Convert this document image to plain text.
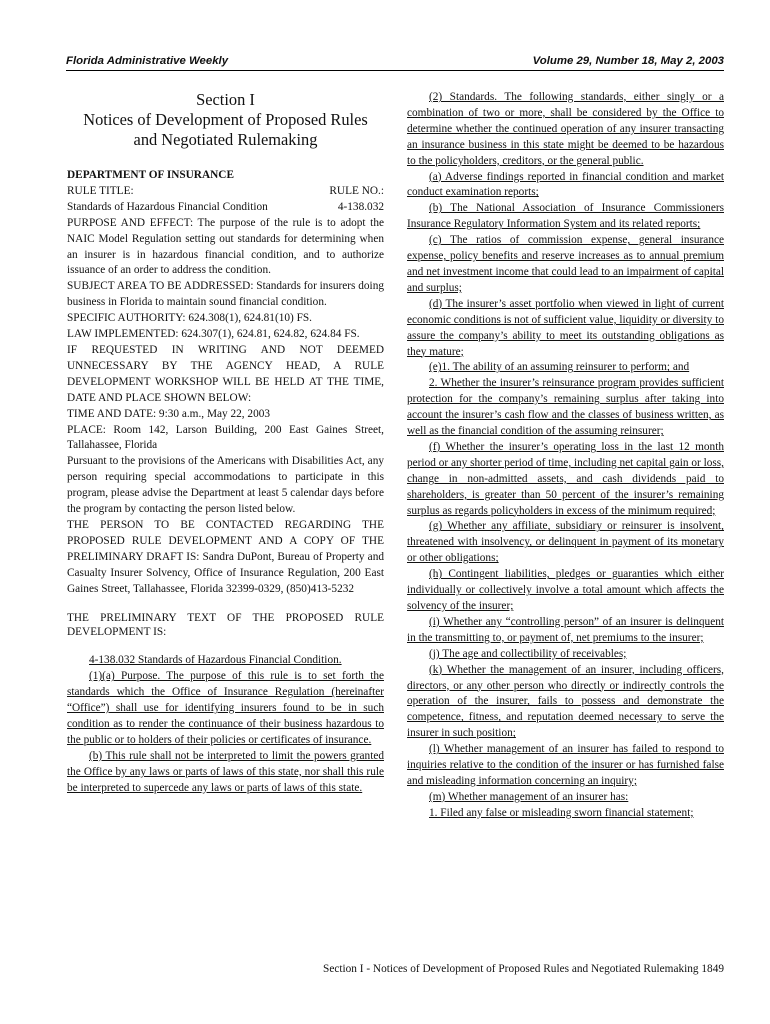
Florida Administrative Weekly	Volume 29, Number 18, May 2, 2003
Section I
Notices of Development of Proposed Rules
and Negotiated Rulemaking

DEPARTMENT OF INSURANCE

RULE TITLE:	RULE NO.:
Standards of Hazardous Financial Condition	4-138.032

PURPOSE AND EFFECT: The purpose of the rule is to adopt the NAIC Model Regulation setting out standards for determining when an insurer is in hazardous financial condition, and to authorize issuance of an order to address the condition.

SUBJECT AREA TO BE ADDRESSED: Standards for insurers doing business in Florida to maintain sound financial condition.

SPECIFIC AUTHORITY: 624.308(1), 624.81(10) FS.

LAW IMPLEMENTED: 624.307(1), 624.81, 624.82, 624.84 FS.

IF REQUESTED IN WRITING AND NOT DEEMED UNNECESSARY BY THE AGENCY HEAD, A RULE DEVELOPMENT WORKSHOP WILL BE HELD AT THE TIME, DATE AND PLACE SHOWN BELOW:

TIME AND DATE: 9:30 a.m., May 22, 2003

PLACE: Room 142, Larson Building, 200 East Gaines Street, Tallahassee, Florida

Pursuant to the provisions of the Americans with Disabilities Act, any person requiring special accommodations to participate in this program, please advise the Department at least 5 calendar days before the program by contacting the person listed below.

THE PERSON TO BE CONTACTED REGARDING THE PROPOSED RULE DEVELOPMENT AND A COPY OF THE PRELIMINARY DRAFT IS: Sandra DuPont, Bureau of Property and Casualty Insurer Solvency, Office of Insurance Regulation, 200 East Gaines Street, Tallahassee, Florida 32399-0329, (850)413-5232

THE PRELIMINARY TEXT OF THE PROPOSED RULE DEVELOPMENT IS:

4-138.032 Standards of Hazardous Financial Condition.

(1)(a) Purpose. The purpose of this rule is to set forth the standards which the Office of Insurance Regulation (hereinafter “Office”) shall use for identifying insurers found to be in such condition as to render the continuance of their business hazardous to the public or to holders of their policies or certificates of insurance.

(b) This rule shall not be interpreted to limit the powers granted the Office by any laws or parts of laws of this state, nor shall this rule be interpreted to supercede any laws or parts of laws of this state.

(2) Standards. The following standards, either singly or a combination of two or more, shall be considered by the Office to determine whether the continued operation of any insurer transacting an insurance business in this state might be deemed to be hazardous to the policyholders, creditors, or the general public.

(a) Adverse findings reported in financial condition and market conduct examination reports;

(b) The National Association of Insurance Commissioners Insurance Regulatory Information System and its related reports;

(c) The ratios of commission expense, general insurance expense, policy benefits and reserve increases as to annual premium and net investment income that could lead to an impairment of capital and surplus;

(d) The insurer’s asset portfolio when viewed in light of current economic conditions is not of sufficient value, liquidity or diversity to assure the company’s ability to meet its outstanding obligations as they mature;

(e)1. The ability of an assuming reinsurer to perform; and

2. Whether the insurer’s reinsurance program provides sufficient protection for the company’s remaining surplus after taking into account the insurer’s cash flow and the classes of business written, as well as the financial condition of the assuming reinsurer;

(f) Whether the insurer’s operating loss in the last 12 month period or any shorter period of time, including net capital gain or loss, change in non-admitted assets, and cash dividends paid to shareholders, is greater than 50 percent of the insurer’s remaining surplus as regards policyholders in excess of the minimum required;

(g) Whether any affiliate, subsidiary or reinsurer is insolvent, threatened with insolvency, or delinquent in payment of its monetary or other obligations;

(h) Contingent liabilities, pledges or guaranties which either individually or collectively involve a total amount which affects the solvency of the insurer;

(i) Whether any “controlling person” of an insurer is delinquent in the transmitting to, or payment of, net premiums to the insurer;

(j) The age and collectibility of receivables;

(k) Whether the management of an insurer, including officers, directors, or any other person who directly or indirectly controls the operation of the insurer, fails to possess and demonstrate the competence, fitness, and reputation deemed necessary to serve the insurer in such position;

(l) Whether management of an insurer has failed to respond to inquiries relative to the condition of the insurer or has furnished false and misleading information concerning an inquiry;

(m) Whether management of an insurer has:

1. Filed any false or misleading sworn financial statement;

Section I - Notices of Development of Proposed Rules and Negotiated Rulemaking 1849
